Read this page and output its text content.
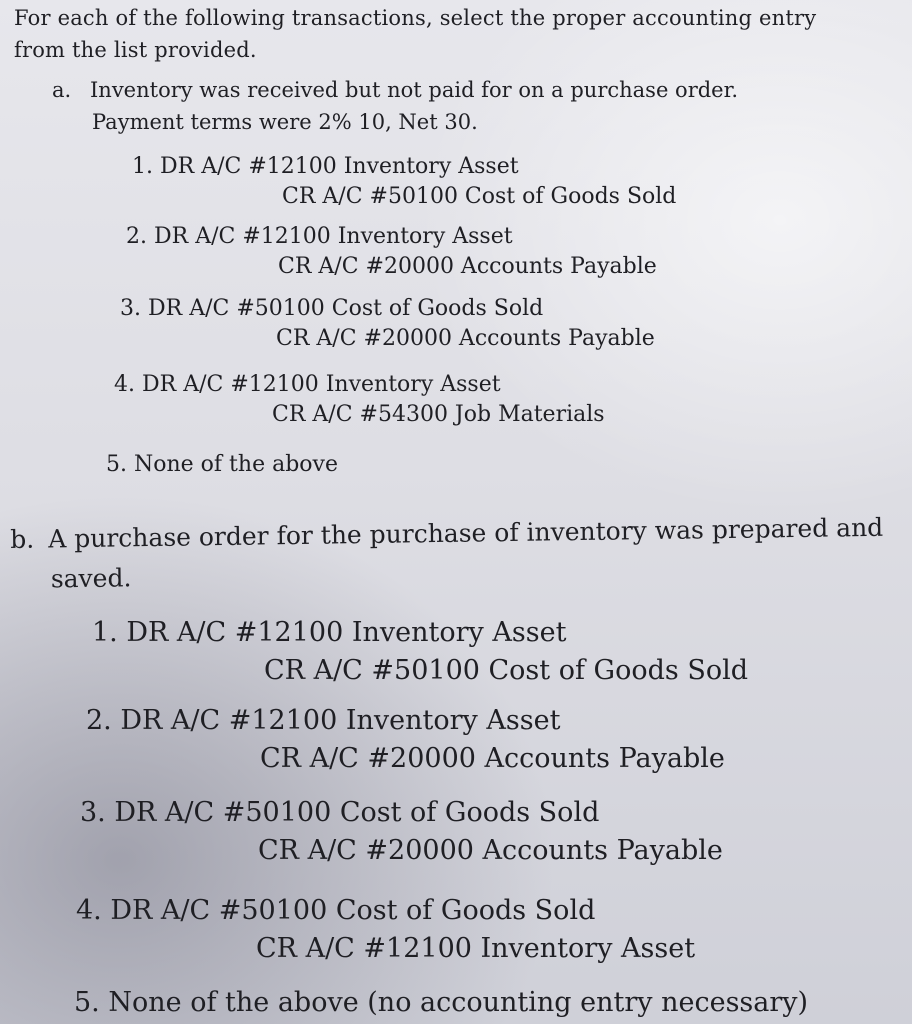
For each of the following transactions, select the proper accounting entry
from the list provided.
a. Inventory was received but not paid for on a purchase order.
Payment terms were 2% 10, Net 30.
1. DR A/C #12100 Inventory Asset
CR A/C #50100 Cost of Goods Sold
2. DR A/C #12100 Inventory Asset
CR A/C #20000 Accounts Payable
3. DR A/C #50100 Cost of Goods Sold
CR A/C #20000 Accounts Payable
4. DR A/C #12100 Inventory Asset
CR A/C #54300 Job Materials
5. None of the above
b. A purchase order for the purchase of inventory was prepared and
saved.
1. DR A/C #12100 Inventory Asset
CR A/C #50100 Cost of Goods Sold
2. DR A/C #12100 Inventory Asset
CR A/C #20000 Accounts Payable
3. DR A/C #50100 Cost of Goods Sold
CR A/C #20000 Accounts Payable
4. DR A/C #50100 Cost of Goods Sold
CR A/C #12100 Inventory Asset
5. None of the above (no accounting entry necessary)
